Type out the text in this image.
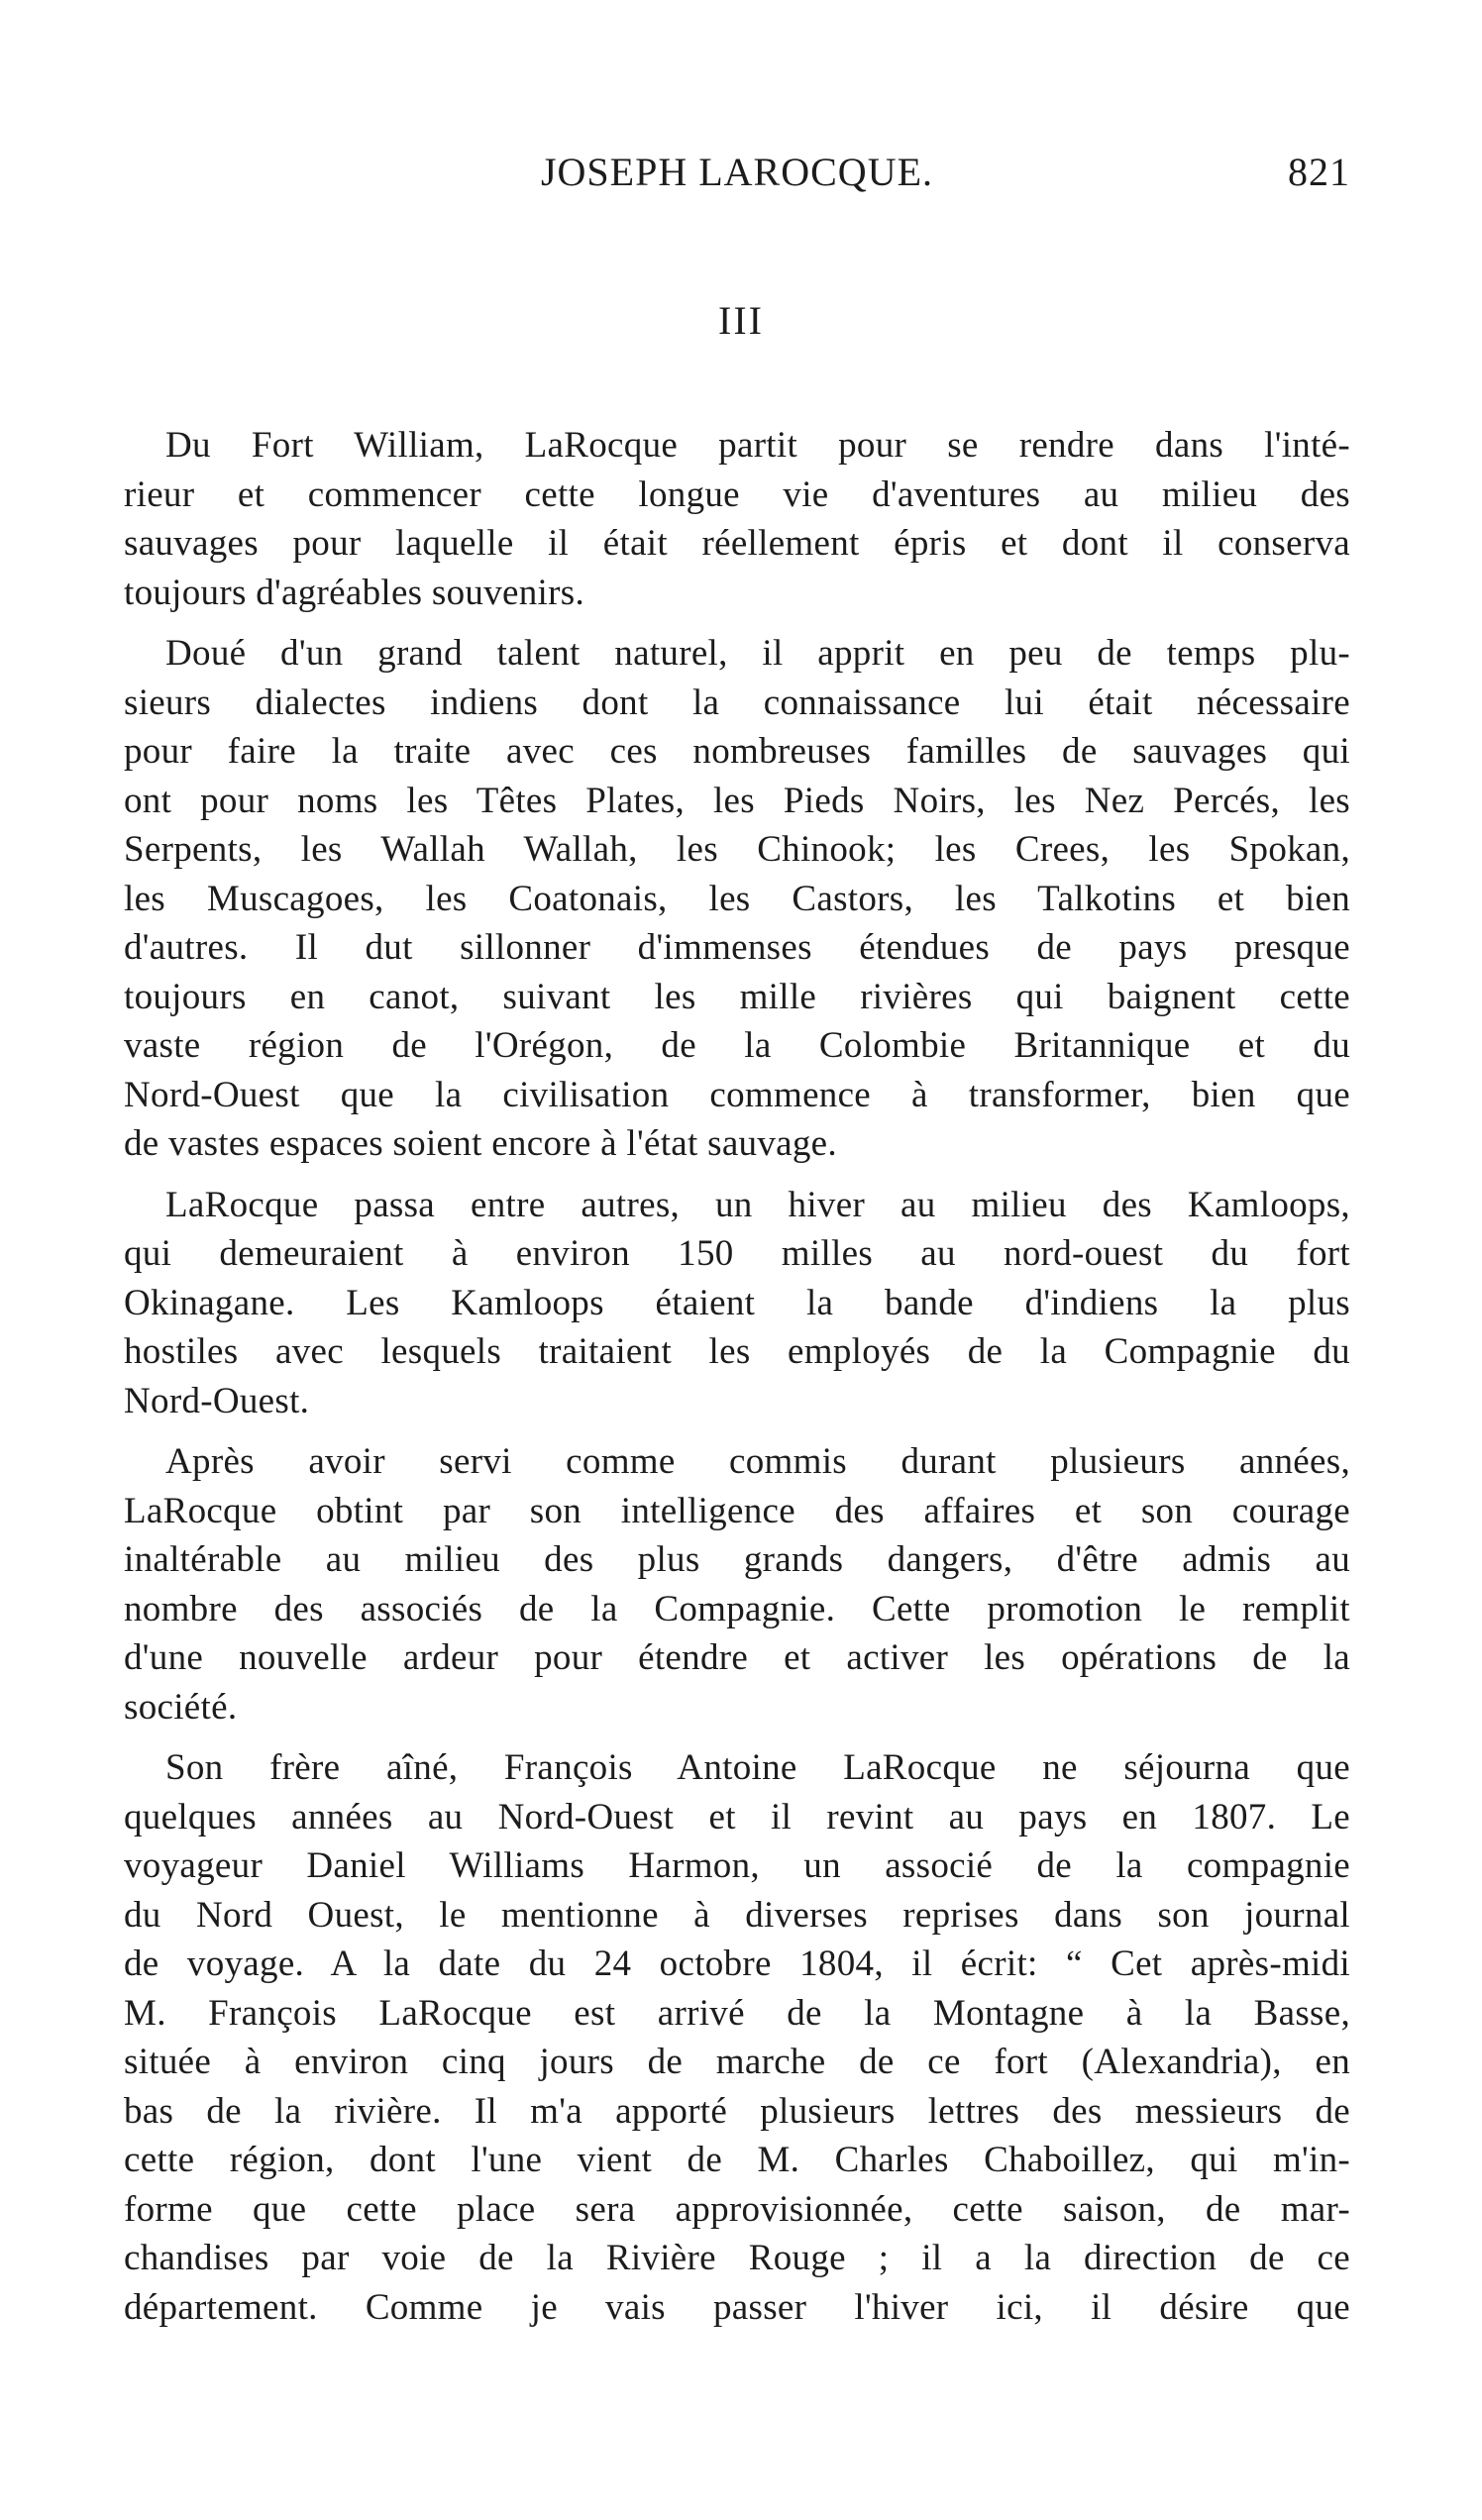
JOSEPH LAROCQUE.	821
III
Du Fort William, LaRocque partit pour se rendre dans l'inté-
rieur et commencer cette longue vie d'aventures au milieu des
sauvages pour laquelle il était réellement épris et dont il conserva
toujours d'agréables souvenirs.
Doué d'un grand talent naturel, il apprit en peu de temps plu-
sieurs dialectes indiens dont la connaissance lui était nécessaire
pour faire la traite avec ces nombreuses familles de sauvages qui
ont pour noms les Têtes Plates, les Pieds Noirs, les Nez Percés, les
Serpents, les Wallah Wallah, les Chinook; les Crees, les Spokan,
les Muscagoes, les Coatonais, les Castors, les Talkotins et bien
d'autres. Il dut sillonner d'immenses étendues de pays presque
toujours en canot, suivant les mille rivières qui baignent cette
vaste région de l'Orégon, de la Colombie Britannique et du
Nord-Ouest que la civilisation commence à transformer, bien que
de vastes espaces soient encore à l'état sauvage.
LaRocque passa entre autres, un hiver au milieu des Kamloops,
qui demeuraient à environ 150 milles au nord-ouest du fort
Okinagane. Les Kamloops étaient la bande d'indiens la plus
hostiles avec lesquels traitaient les employés de la Compagnie du
Nord-Ouest.
Après avoir servi comme commis durant plusieurs années,
LaRocque obtint par son intelligence des affaires et son courage
inaltérable au milieu des plus grands dangers, d'être admis au
nombre des associés de la Compagnie. Cette promotion le remplit
d'une nouvelle ardeur pour étendre et activer les opérations de la
société.
Son frère aîné, François Antoine LaRocque ne séjourna que
quelques années au Nord-Ouest et il revint au pays en 1807. Le
voyageur Daniel Williams Harmon, un associé de la compagnie
du Nord Ouest, le mentionne à diverses reprises dans son journal
de voyage. A la date du 24 octobre 1804, il écrit: “ Cet après-midi
M. François LaRocque est arrivé de la Montagne à la Basse,
située à environ cinq jours de marche de ce fort (Alexandria), en
bas de la rivière. Il m'a apporté plusieurs lettres des messieurs de
cette région, dont l'une vient de M. Charles Chaboillez, qui m'in-
forme que cette place sera approvisionnée, cette saison, de mar-
chandises par voie de la Rivière Rouge ; il a la direction de ce
département. Comme je vais passer l'hiver ici, il désire que
